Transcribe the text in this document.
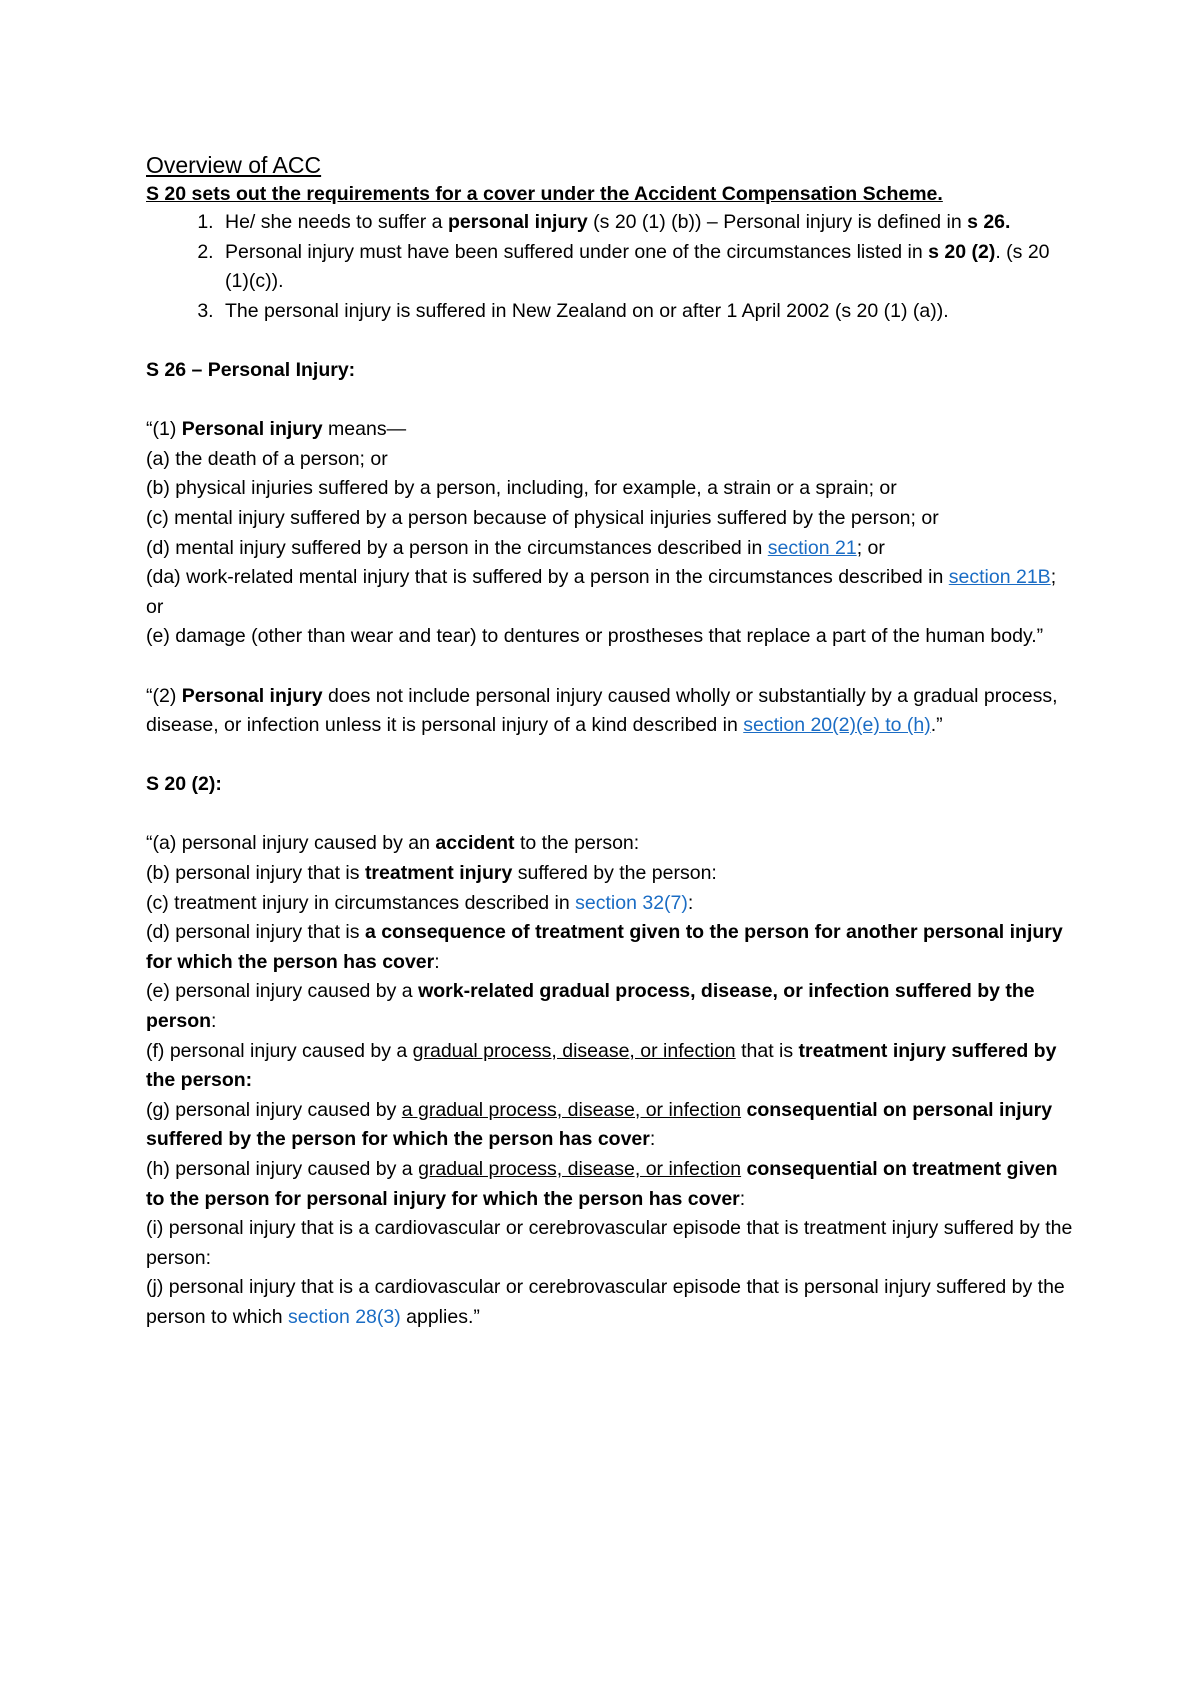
Overview of ACC
S 20 sets out the requirements for a cover under the Accident Compensation Scheme.
1. He/ she needs to suffer a personal injury (s 20 (1) (b)) – Personal injury is defined in s 26.
2. Personal injury must have been suffered under one of the circumstances listed in s 20 (2). (s 20 (1)(c)).
3. The personal injury is suffered in New Zealand on or after 1 April 2002 (s 20 (1) (a)).

S 26 – Personal Injury:

“(1) Personal injury means—

(a) the death of a person; or

(b) physical injuries suffered by a person, including, for example, a strain or a sprain; or

(c) mental injury suffered by a person because of physical injuries suffered by the person; or

(d) mental injury suffered by a person in the circumstances described in section 21; or

(da) work-related mental injury that is suffered by a person in the circumstances described in section 21B; or

(e) damage (other than wear and tear) to dentures or prostheses that replace a part of the human body.”

“(2) Personal injury does not include personal injury caused wholly or substantially by a gradual process, disease, or infection unless it is personal injury of a kind described in section 20(2)(e) to (h).”

S 20 (2):

“(a) personal injury caused by an accident to the person:

(b) personal injury that is treatment injury suffered by the person:

(c) treatment injury in circumstances described in section 32(7):

(d) personal injury that is a consequence of treatment given to the person for another personal injury for which the person has cover:

(e) personal injury caused by a work-related gradual process, disease, or infection suffered by the person:

(f) personal injury caused by a gradual process, disease, or infection that is treatment injury suffered by the person:

(g) personal injury caused by a gradual process, disease, or infection consequential on personal injury suffered by the person for which the person has cover:

(h) personal injury caused by a gradual process, disease, or infection consequential on treatment given to the person for personal injury for which the person has cover:

(i) personal injury that is a cardiovascular or cerebrovascular episode that is treatment injury suffered by the person:

(j) personal injury that is a cardiovascular or cerebrovascular episode that is personal injury suffered by the person to which section 28(3) applies.”
